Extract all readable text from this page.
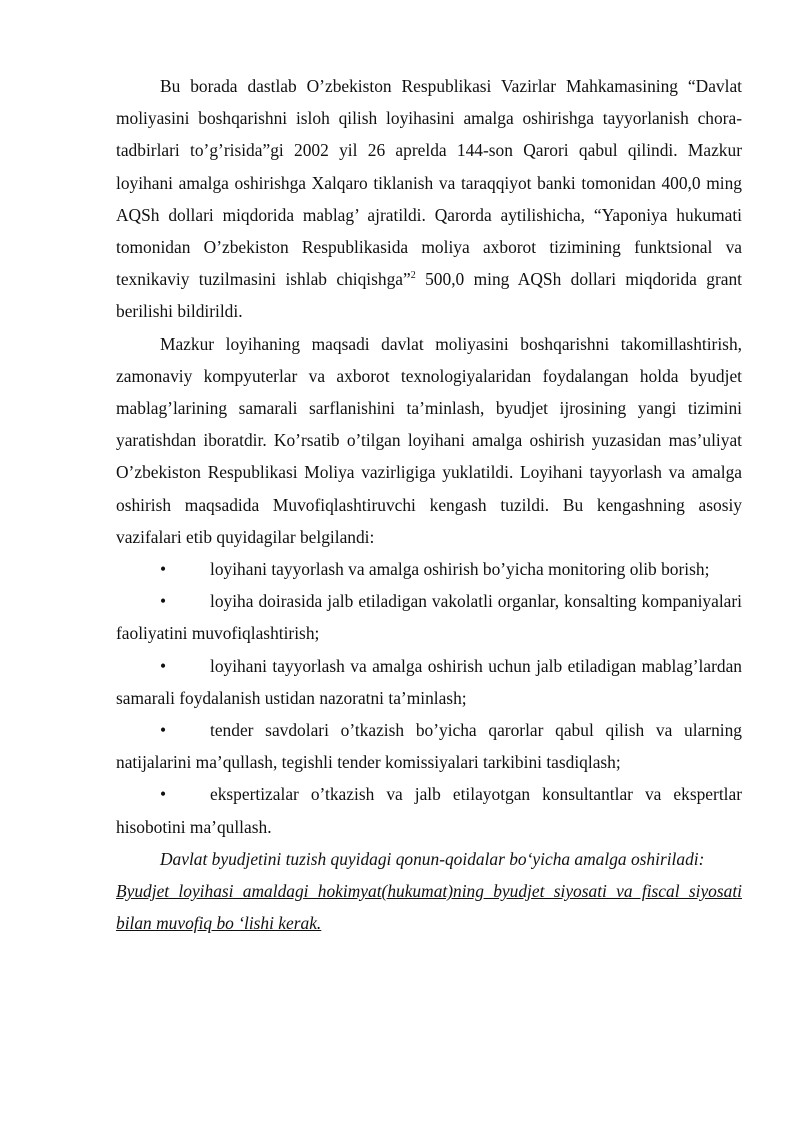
Bu borada dastlab O’zbekiston Respublikasi Vazirlar Mahkamasining “Davlat moliyasini boshqarishni isloh qilish loyihasini amalga oshirishga tayyorlanish chora-tadbirlari to’g’risida”gi 2002 yil 26 aprelda 144-son Qarori qabul qilindi. Mazkur loyihani amalga oshirishga Xalqaro tiklanish va taraqqiyot banki tomonidan 400,0 ming AQSh dollari miqdorida mablag’ ajratildi. Qarorda aytilishicha, “Yaponiya hukumati tomonidan O’zbekiston Respublikasida moliya axborot tizimining funktsional va texnikaviy tuzilmasini ishlab chiqishga”$^2$ 500,0 ming AQSh dollari miqdorida grant berilishi bildirildi.

Mazkur loyihaning maqsadi davlat moliyasini boshqarishni takomillashtirish, zamonaviy kompyuterlar va axborot texnologiyalaridan foydalangan holda byudjet mablag’larining samarali sarflanishini ta’minlash, byudjet ijrosining yangi tizimini yaratishdan iboratdir. Ko’rsatib o’tilgan loyihani amalga oshirish yuzasidan mas’uliyat O’zbekiston Respublikasi Moliya vazirligiga yuklatildi. Loyihani tayyorlash va amalga oshirish maqsadida Muvofiqlashtiruvchi kengash tuzildi. Bu kengashning asosiy vazifalari etib quyidagilar belgilandi:

•	loyihani tayyorlash va amalga oshirish bo’yicha monitoring olib borish;

•	loyiha doirasida jalb etiladigan vakolatli organlar, konsalting kompaniyalari faoliyatini muvofiqlashtirish;

•	loyihani tayyorlash va amalga oshirish uchun jalb etiladigan mablag’lardan samarali foydalanish ustidan nazoratni ta’minlash;

•	tender savdolari o’tkazish bo’yicha qarorlar qabul qilish va ularning natijalarini ma’qullash, tegishli tender komissiyalari tarkibini tasdiqlash;

•	ekspertizalar o’tkazish va jalb etilayotgan konsultantlar va ekspertlar hisobotini ma’qullash.

Davlat byudjetini tuzish quyidagi qonun-qoidalar bo‘yicha amalga oshiriladi:

Byudjet loyihasi amaldagi hokimyat(hukumat)ning byudjet siyosati va fiscal siyosati bilan muvofiq bo ‘lishi kerak.
